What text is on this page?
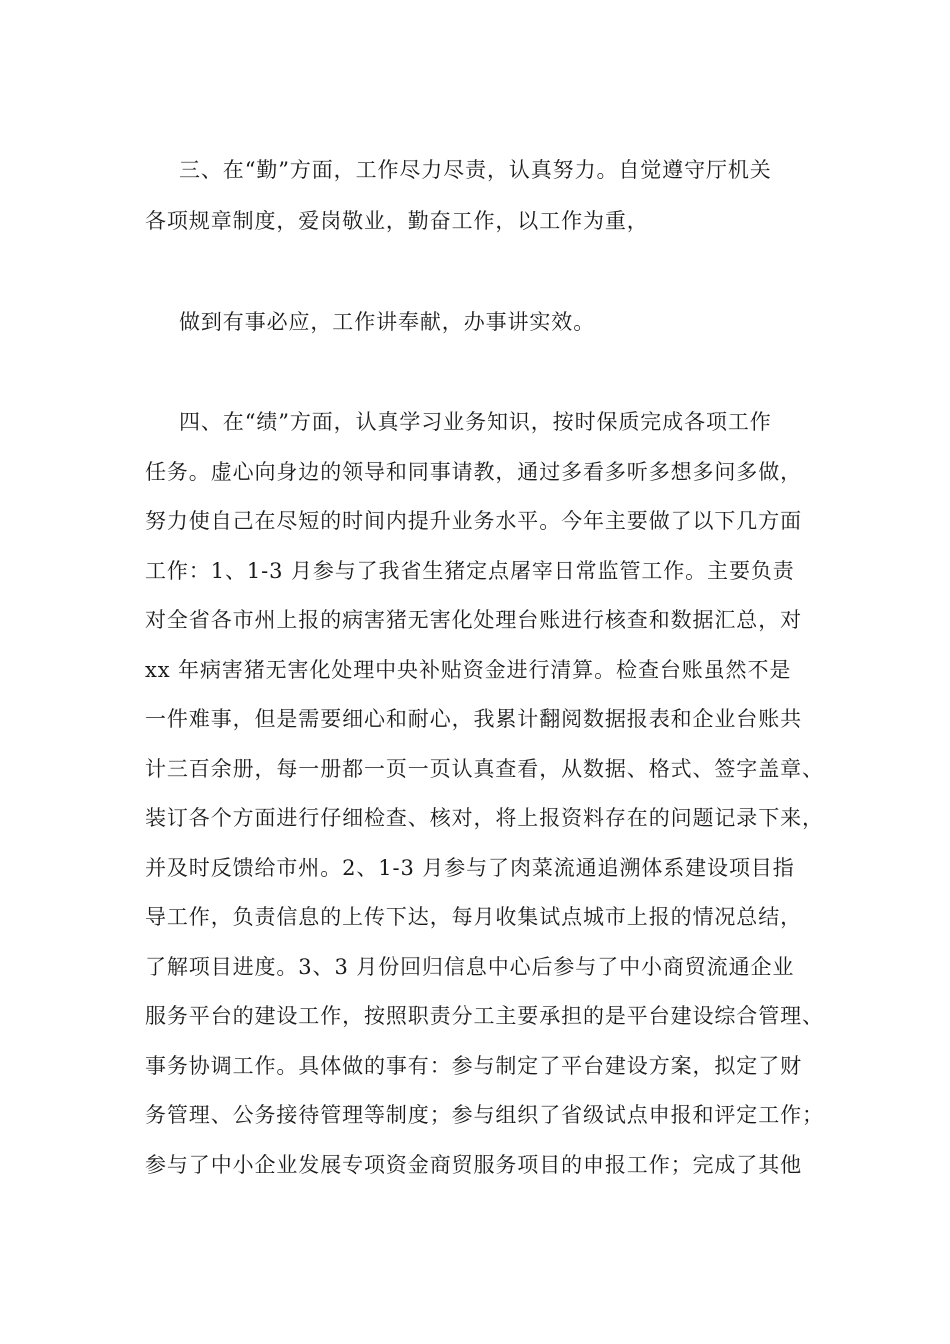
三、在“勤”方面，工作尽力尽责，认真努力。自觉遵守厅机关

各项规章制度，爱岗敬业，勤奋工作，以工作为重，

做到有事必应，工作讲奉献，办事讲实效。

四、在“绩”方面，认真学习业务知识，按时保质完成各项工作

任务。虚心向身边的领导和同事请教，通过多看多听多想多问多做，

努力使自己在尽短的时间内提升业务水平。今年主要做了以下几方面

工作：1、1-3 月参与了我省生猪定点屠宰日常监管工作。主要负责

对全省各市州上报的病害猪无害化处理台账进行核查和数据汇总，对

xx 年病害猪无害化处理中央补贴资金进行清算。检查台账虽然不是

一件难事，但是需要细心和耐心，我累计翻阅数据报表和企业台账共

计三百余册，每一册都一页一页认真查看，从数据、格式、签字盖章、

装订各个方面进行仔细检查、核对，将上报资料存在的问题记录下来，

并及时反馈给市州。2、1-3 月参与了肉菜流通追溯体系建设项目指

导工作，负责信息的上传下达，每月收集试点城市上报的情况总结，

了解项目进度。3、3 月份回归信息中心后参与了中小商贸流通企业

服务平台的建设工作，按照职责分工主要承担的是平台建设综合管理、

事务协调工作。具体做的事有：参与制定了平台建设方案，拟定了财

务管理、公务接待管理等制度；参与组织了省级试点申报和评定工作；

参与了中小企业发展专项资金商贸服务项目的申报工作；完成了其他
